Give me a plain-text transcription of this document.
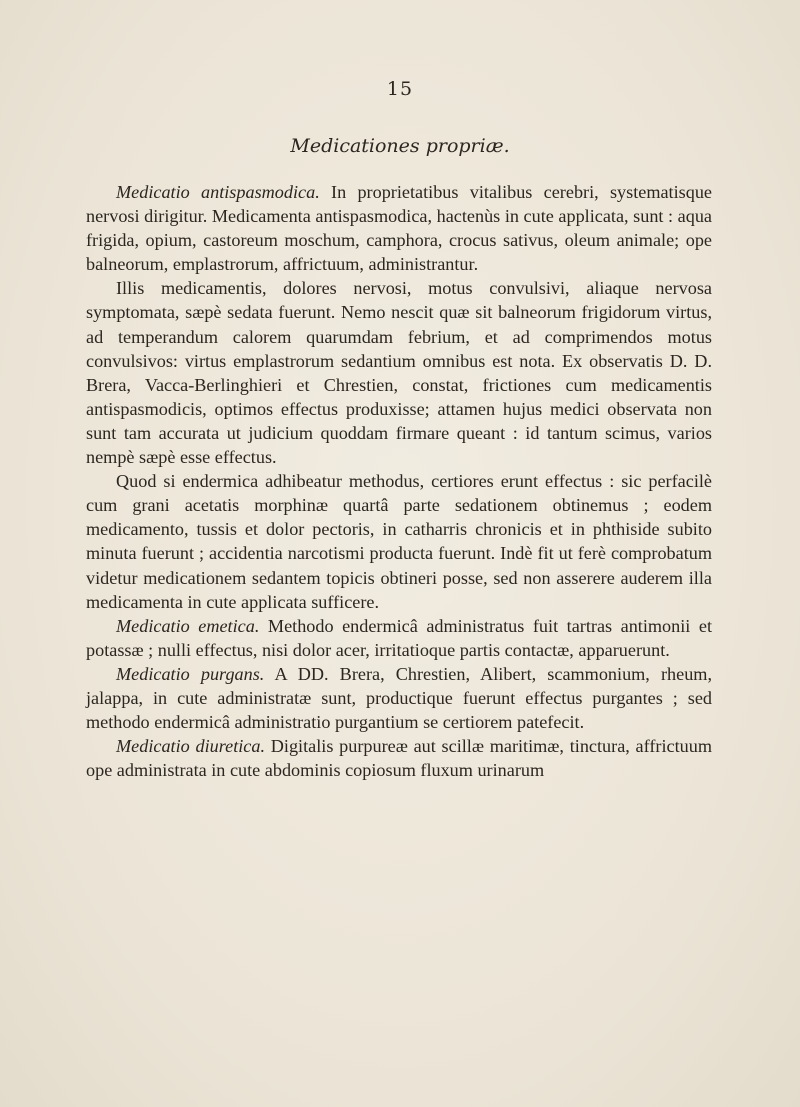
15
Medicationes propriæ.

Medicatio antispasmodica. In proprietatibus vitalibus cerebri, systematisque nervosi dirigitur. Medicamenta antispasmodica, hactenùs in cute applicata, sunt : aqua frigida, opium, castoreum moschum, camphora, crocus sativus, oleum animale; ope balneorum, emplastrorum, affrictuum, administrantur.

Illis medicamentis, dolores nervosi, motus convulsivi, aliaque nervosa symptomata, sæpè sedata fuerunt. Nemo nescit quæ sit balneorum frigidorum virtus, ad temperandum calorem quarumdam febrium, et ad comprimendos motus convulsivos: virtus emplastrorum sedantium omnibus est nota. Ex observatis D. D. Brera, Vacca-Berlinghieri et Chrestien, constat, frictiones cum medicamentis antispasmodicis, optimos effectus produxisse; attamen hujus medici observata non sunt tam accurata ut judicium quoddam firmare queant : id tantum scimus, varios nempè sæpè esse effectus.

Quod si endermica adhibeatur methodus, certiores erunt effectus : sic perfacilè cum grani acetatis morphinæ quartâ parte sedationem obtinemus ; eodem medicamento, tussis et dolor pectoris, in catharris chronicis et in phthiside subito minuta fuerunt ; accidentia narcotismi producta fuerunt. Indè fit ut ferè comprobatum videtur medicationem sedantem topicis obtineri posse, sed non asserere auderem illa medicamenta in cute applicata sufficere.

Medicatio emetica. Methodo endermicâ administratus fuit tartras antimonii et potassæ ; nulli effectus, nisi dolor acer, irritatioque partis contactæ, apparuerunt.

Medicatio purgans. A DD. Brera, Chrestien, Alibert, scammonium, rheum, jalappa, in cute administratæ sunt, productique fuerunt effectus purgantes ; sed methodo endermicâ administratio purgantium se certiorem patefecit.

Medicatio diuretica. Digitalis purpureæ aut scillæ maritimæ, tinctura, affrictuum ope administrata in cute abdominis copiosum fluxum urinarum
